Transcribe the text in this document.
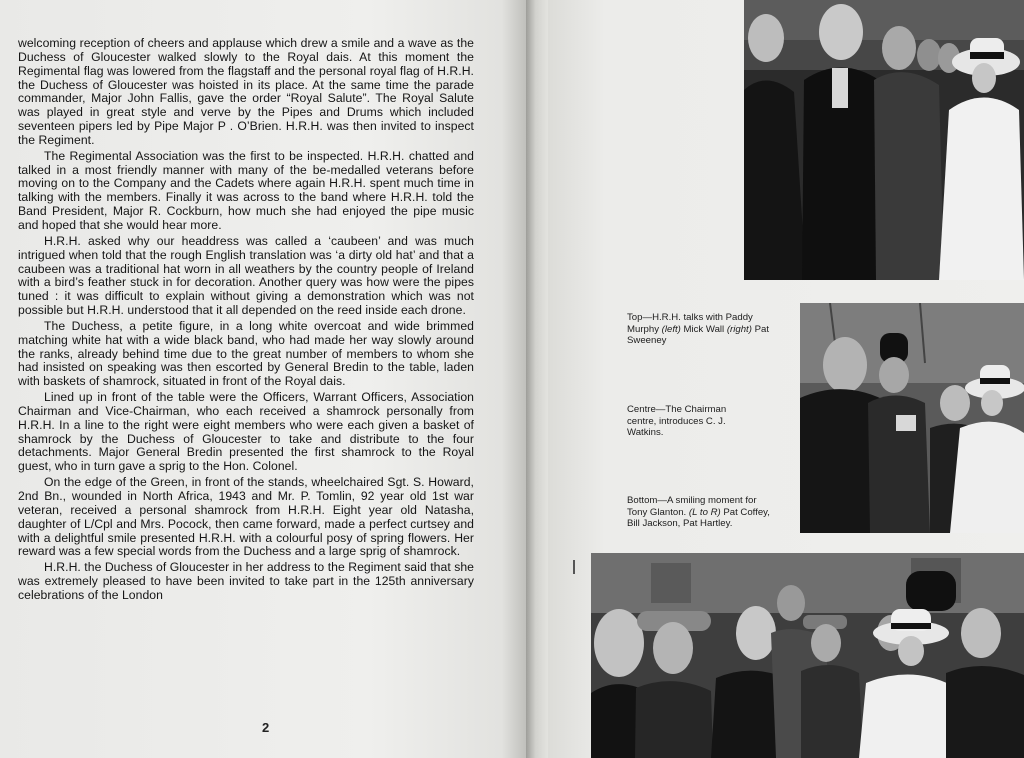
welcoming reception of cheers and applause which drew a smile and a wave as the Duchess of Gloucester walked slowly to the Royal dais. At this moment the Regimental flag was lowered from the flagstaff and the personal royal flag of H.R.H. the Duchess of Gloucester was hoisted in its place. At the same time the parade commander, Major John Fallis, gave the order “Royal Salute”. The Royal Salute was played in great style and verve by the Pipes and Drums which included seventeen pipers led by Pipe Major P . O’Brien. H.R.H. was then invited to inspect the Regiment.

The Regimental Association was the first to be inspected. H.R.H. chatted and talked in a most friendly manner with many of the be-medalled veterans before moving on to the Company and the Cadets where again H.R.H. spent much time in talking with the members. Finally it was across to the band where H.R.H. told the Band President, Major R. Cockburn, how much she had enjoyed the pipe music and hoped that she would hear more.

H.R.H. asked why our headdress was called a ‘caubeen’ and was much intrigued when told that the rough English translation was ‘a dirty old hat’ and that a caubeen was a traditional hat worn in all weathers by the country people of Ireland with a bird’s feather stuck in for decoration. Another query was how were the pipes tuned : it was difficult to explain without giving a demonstration which was not possible but H.R.H. understood that it all depended on the reed inside each drone.

The Duchess, a petite figure, in a long white overcoat and wide brimmed matching white hat with a wide black band, who had made her way slowly around the ranks, already behind time due to the great number of members to whom she had insisted on speaking was then escorted by General Bredin to the table, laden with baskets of shamrock, situated in front of the Royal dais.

Lined up in front of the table were the Officers, Warrant Officers, Association Chairman and Vice-Chairman, who each received a shamrock personally from H.R.H. In a line to the right were eight members who were each given a basket of shamrock by the Duchess of Gloucester to take and distribute to the four detachments. Major General Bredin presented the first shamrock to the Royal guest, who in turn gave a sprig to the Hon. Colonel.

On the edge of the Green, in front of the stands, wheelchaired Sgt. S. Howard, 2nd Bn., wounded in North Africa, 1943 and Mr. P. Tomlin, 92 year old 1st war veteran, received a personal shamrock from H.R.H. Eight year old Natasha, daughter of L/Cpl and Mrs. Pocock, then came forward, made a perfect curtsey and with a delightful smile presented H.R.H. with a colourful posy of spring flowers. Her reward was a few special words from the Duchess and a large sprig of shamrock.

H.R.H. the Duchess of Gloucester in her address to the Regiment said that she was extremely pleased to have been invited to take part in the 125th anniversary celebrations of the London

2
Top—H.R.H. talks with Paddy Murphy (left) Mick Wall (right) Pat Sweeney
Centre—The Chairman centre, introduces C. J. Watkins.
Bottom—A smiling moment for Tony Glanton. (L to R) Pat Coffey, Bill Jackson, Pat Hartley.
